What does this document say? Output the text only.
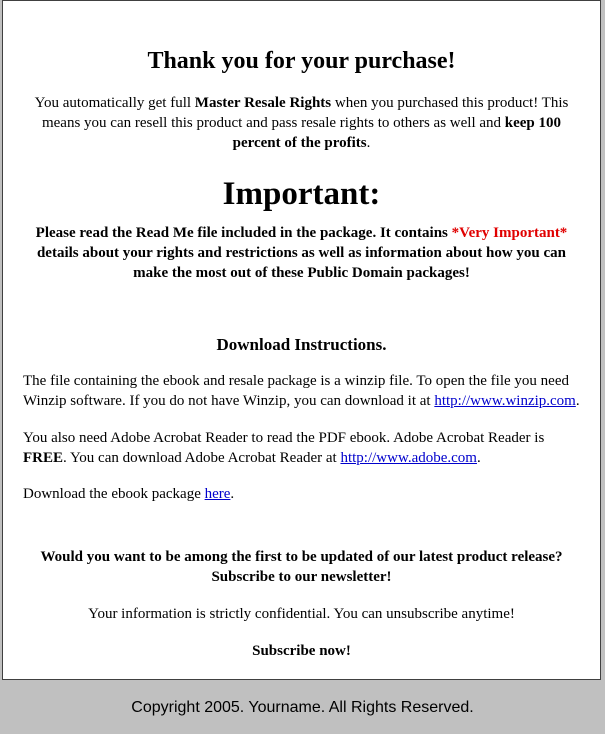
Thank you for your purchase!

You automatically get full Master Resale Rights when you purchased this product! This means you can resell this product and pass resale rights to others as well and keep 100 percent of the profits.

Important:

Please read the Read Me file included in the package. It contains *Very Important* details about your rights and restrictions as well as information about how you can make the most out of these Public Domain packages!

Download Instructions.

The file containing the ebook and resale package is a winzip file. To open the file you need Winzip software. If you do not have Winzip, you can download it at http://www.winzip.com.

You also need Adobe Acrobat Reader to read the PDF ebook. Adobe Acrobat Reader is FREE. You can download Adobe Acrobat Reader at http://www.adobe.com.

Download the ebook package here.

Would you want to be among the first to be updated of our latest product release?
Subscribe to our newsletter!

Your information is strictly confidential. You can unsubscribe anytime!

Subscribe now!

Copyright 2005. Yourname. All Rights Reserved.
